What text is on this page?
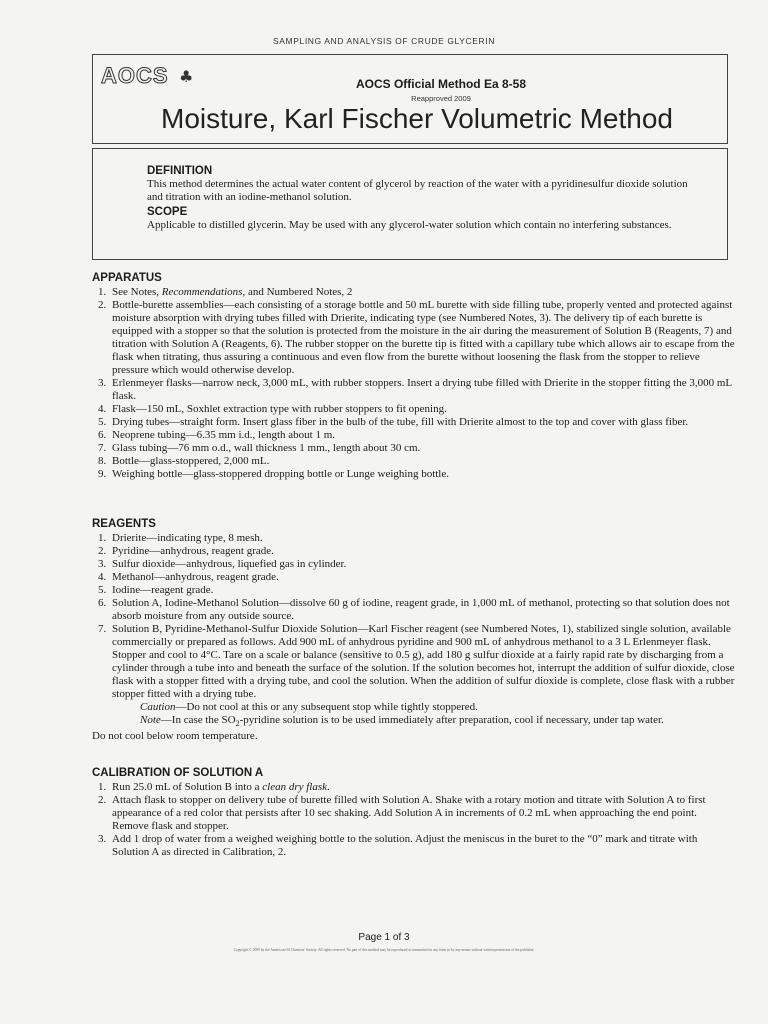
SAMPLING AND ANALYSIS OF CRUDE GLYCERIN
AOCS ♣	AOCS Official Method Ea 8-58
Reapproved 2009
Moisture, Karl Fischer Volumetric Method

DEFINITION

This method determines the actual water content of glycerol by reaction of the water with a pyridinesulfur dioxide solution and titration with an iodine-methanol solution.

SCOPE

Applicable to distilled glycerin. May be used with any glycerol-water solution which contain no interfering substances.

APPARATUS

1. See Notes, Recommendations, and Numbered Notes, 2
2. Bottle-burette assemblies—each consisting of a storage bottle and 50 mL burette with side filling tube, properly vented and protected against moisture absorption with drying tubes filled with Drierite, indicating type (see Numbered Notes, 3). The delivery tip of each burette is equipped with a stopper so that the solution is protected from the moisture in the air during the measurement of Solution B (Reagents, 7) and titration with Solution A (Reagents, 6). The rubber stopper on the burette tip is fitted with a capillary tube which allows air to escape from the flask when titrating, thus assuring a continuous and even flow from the burette without loosening the flask from the stopper to relieve pressure which would otherwise develop.
3. Erlenmeyer flasks—narrow neck, 3,000 mL, with rubber stoppers. Insert a drying tube filled with Drierite in the stopper fitting the 3,000 mL flask.
4. Flask—150 mL, Soxhlet extraction type with rubber stoppers to fit opening.
5. Drying tubes—straight form. Insert glass fiber in the bulb of the tube, fill with Drierite almost to the top and cover with glass fiber.
6. Neoprene tubing—6.35 mm i.d., length about 1 m.
7. Glass tubing—76 mm o.d., wall thickness 1 mm., length about 30 cm.
8. Bottle—glass-stoppered, 2,000 mL.
9. Weighing bottle—glass-stoppered dropping bottle or Lunge weighing bottle.

REAGENTS

1. Drierite—indicating type, 8 mesh.
2. Pyridine—anhydrous, reagent grade.
3. Sulfur dioxide—anhydrous, liquefied gas in cylinder.
4. Methanol—anhydrous, reagent grade.
5. Iodine—reagent grade.
6. Solution A, Iodine-Methanol Solution—dissolve 60 g of iodine, reagent grade, in 1,000 mL of methanol, protecting so that solution does not absorb moisture from any outside source.
7. Solution B, Pyridine-Methanol-Sulfur Dioxide Solution—Karl Fischer reagent (see Numbered Notes, 1), stabilized single solution, available commercially or prepared as follows. Add 900 mL of anhydrous pyridine and 900 mL of anhydrous methanol to a 3 L Erlenmeyer flask. Stopper and cool to 4°C. Tare on a scale or balance (sensitive to 0.5 g), add 180 g sulfur dioxide at a fairly rapid rate by discharging from a cylinder through a tube into and beneath the surface of the solution. If the solution becomes hot, interrupt the addition of sulfur dioxide, close flask with a stopper fitted with a drying tube, and cool the solution. When the addition of sulfur dioxide is complete, close flask with a rubber stopper fitted with a drying tube.

Caution—Do not cool at this or any subsequent stop while tightly stoppered.

Note—In case the $SO_2$-pyridine solution is to be used immediately after preparation, cool if necessary, under tap water.

Do not cool below room temperature.

CALIBRATION OF SOLUTION A

1. Run 25.0 mL of Solution B into a clean dry flask.
2. Attach flask to stopper on delivery tube of burette filled with Solution A. Shake with a rotary motion and titrate with Solution A to first appearance of a red color that persists after 10 sec shaking. Add Solution A in increments of 0.2 mL when approaching the end point. Remove flask and stopper.
3. Add 1 drop of water from a weighed weighing bottle to the solution. Adjust the meniscus in the buret to the “0” mark and titrate with Solution A as directed in Calibration, 2.
Page 1 of 3
Copyright © 2009 by the American Oil Chemists' Society. All rights reserved. No part of this method may be reproduced or transmitted in any form or by any means without written permission of the publisher.
